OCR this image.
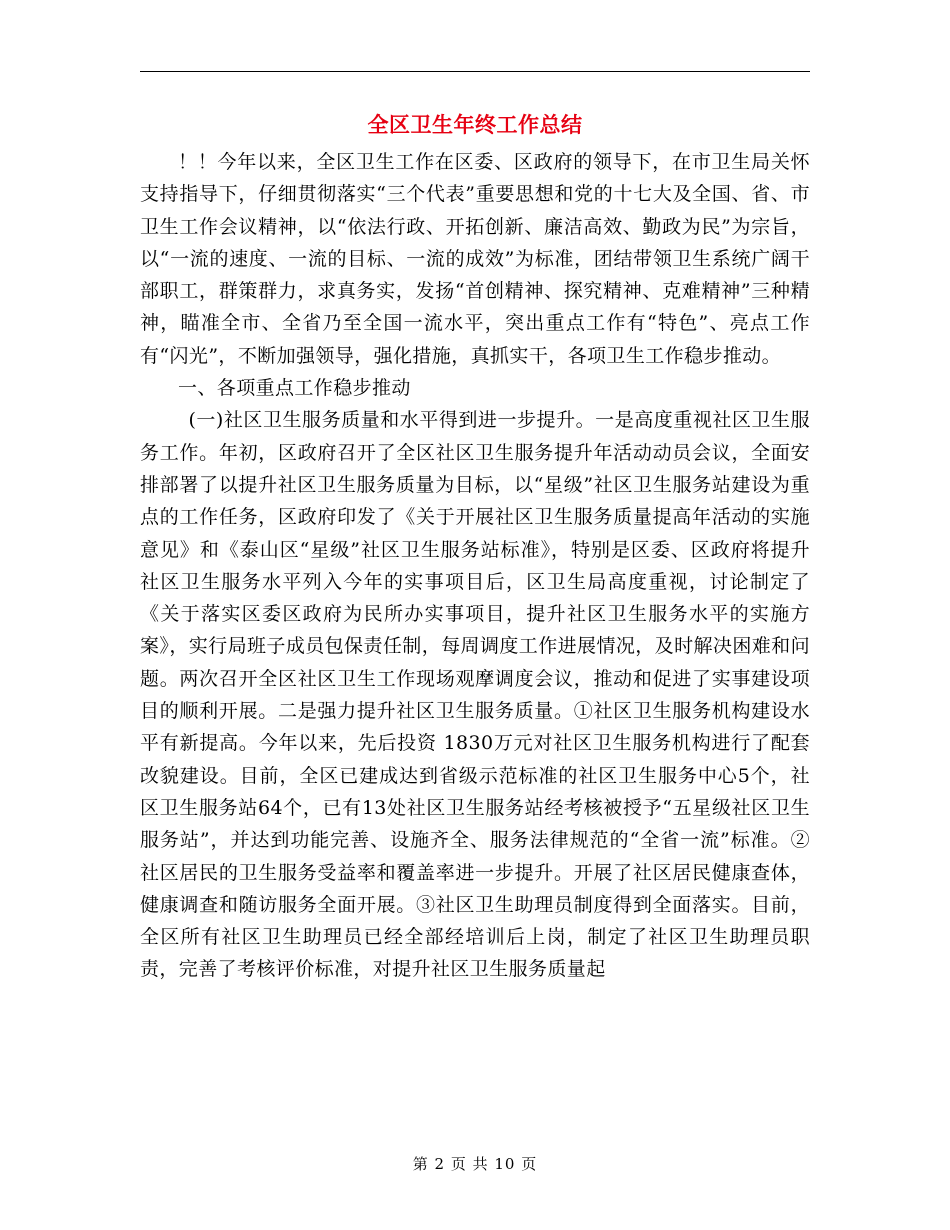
全区卫生年终工作总结

！！今年以来，全区卫生工作在区委、区政府的领导下，在市卫生局关怀支持指导下，仔细贯彻落实“三个代表”重要思想和党的十七大及全国、省、市卫生工作会议精神，以“依法行政、开拓创新、廉洁高效、勤政为民”为宗旨，以“一流的速度、一流的目标、一流的成效”为标准，团结带领卫生系统广阔干部职工，群策群力，求真务实，发扬“首创精神、探究精神、克难精神”三种精神，瞄准全市、全省乃至全国一流水平，突出重点工作有“特色”、亮点工作有“闪光”，不断加强领导，强化措施，真抓实干，各项卫生工作稳步推动。

一、各项重点工作稳步推动

(一)社区卫生服务质量和水平得到进一步提升。一是高度重视社区卫生服务工作。年初，区政府召开了全区社区卫生服务提升年活动动员会议，全面安排部署了以提升社区卫生服务质量为目标，以“星级”社区卫生服务站建设为重点的工作任务，区政府印发了《关于开展社区卫生服务质量提高年活动的实施意见》和《泰山区“星级”社区卫生服务站标准》，特别是区委、区政府将提升社区卫生服务水平列入今年的实事项目后，区卫生局高度重视，讨论制定了《关于落实区委区政府为民所办实事项目，提升社区卫生服务水平的实施方案》，实行局班子成员包保责任制，每周调度工作进展情况，及时解决困难和问题。两次召开全区社区卫生工作现场观摩调度会议，推动和促进了实事建设项目的顺利开展。二是强力提升社区卫生服务质量。①社区卫生服务机构建设水平有新提高。今年以来，先后投资 1830万元对社区卫生服务机构进行了配套改貌建设。目前，全区已建成达到省级示范标准的社区卫生服务中心5个，社区卫生服务站64个，已有13处社区卫生服务站经考核被授予“五星级社区卫生服务站”，并达到功能完善、设施齐全、服务法律规范的“全省一流”标准。②社区居民的卫生服务受益率和覆盖率进一步提升。开展了社区居民健康查体，健康调查和随访服务全面开展。③社区卫生助理员制度得到全面落实。目前，全区所有社区卫生助理员已经全部经培训后上岗，制定了社区卫生助理员职责，完善了考核评价标准，对提升社区卫生服务质量起

第 2 页 共 10 页
